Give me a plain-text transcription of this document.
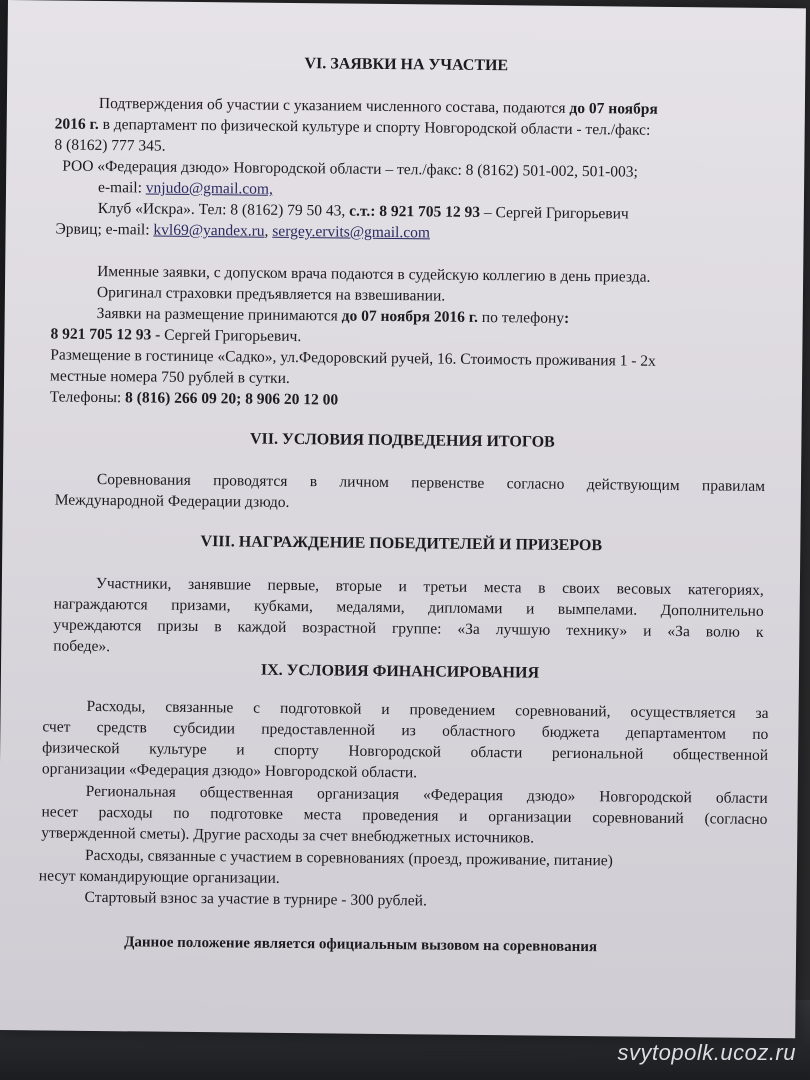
VI. ЗАЯВКИ НА УЧАСТИЕ
Подтверждения об участии с указанием численного состава, подаются до 07 ноября
2016 г. в департамент по физической культуре и спорту Новгородской области - тел./факс:
8 (8162) 777 345.
РОО «Федерация дзюдо» Новгородской области – тел./факс: 8 (8162) 501-002, 501-003;
e-mail: vnjudo@gmail.com,
Клуб «Искра». Тел: 8 (8162) 79 50 43, с.т.: 8 921 705 12 93 – Сергей Григорьевич
Эрвиц; e-mail: kvl69@yandex.ru, sergey.ervits@gmail.com
Именные заявки, с допуском врача подаются в судейскую коллегию в день приезда.
Оригинал страховки предъявляется на взвешивании.
Заявки на размещение принимаются до 07 ноября 2016 г. по телефону:
8 921 705 12 93 - Сергей Григорьевич.
Размещение в гостинице «Садко», ул.Федоровский ручей, 16. Стоимость проживания 1 - 2х
местные номера 750 рублей в сутки.
Телефоны: 8 (816) 266 09 20; 8 906 20 12 00
VII. УСЛОВИЯ ПОДВЕДЕНИЯ ИТОГОВ
Соревнования проводятся в личном первенстве согласно действующим правилам
Международной Федерации дзюдо.
VIII. НАГРАЖДЕНИЕ ПОБЕДИТЕЛЕЙ И ПРИЗЕРОВ
Участники, занявшие первые, вторые и третьи места в своих весовых категориях,
награждаются призами, кубками, медалями, дипломами и вымпелами. Дополнительно
учреждаются призы в каждой возрастной группе: «За лучшую технику» и «За волю к
победе».
IX. УСЛОВИЯ ФИНАНСИРОВАНИЯ
Расходы, связанные с подготовкой и проведением соревнований, осуществляется за
счет средств субсидии предоставленной из областного бюджета департаментом по
физической культуре и спорту Новгородской области региональной общественной
организации «Федерация дзюдо» Новгородской области.
Региональная общественная организация «Федерация дзюдо» Новгородской области
несет расходы по подготовке места проведения и организации соревнований (согласно
утвержденной сметы). Другие расходы за счет внебюджетных источников.
Расходы, связанные с участием в соревнованиях (проезд, проживание, питание)
несут командирующие организации.
Стартовый взнос за участие в турнире - 300 рублей.
Данное положение является официальным вызовом на соревнования
svytopolk.ucoz.ru
